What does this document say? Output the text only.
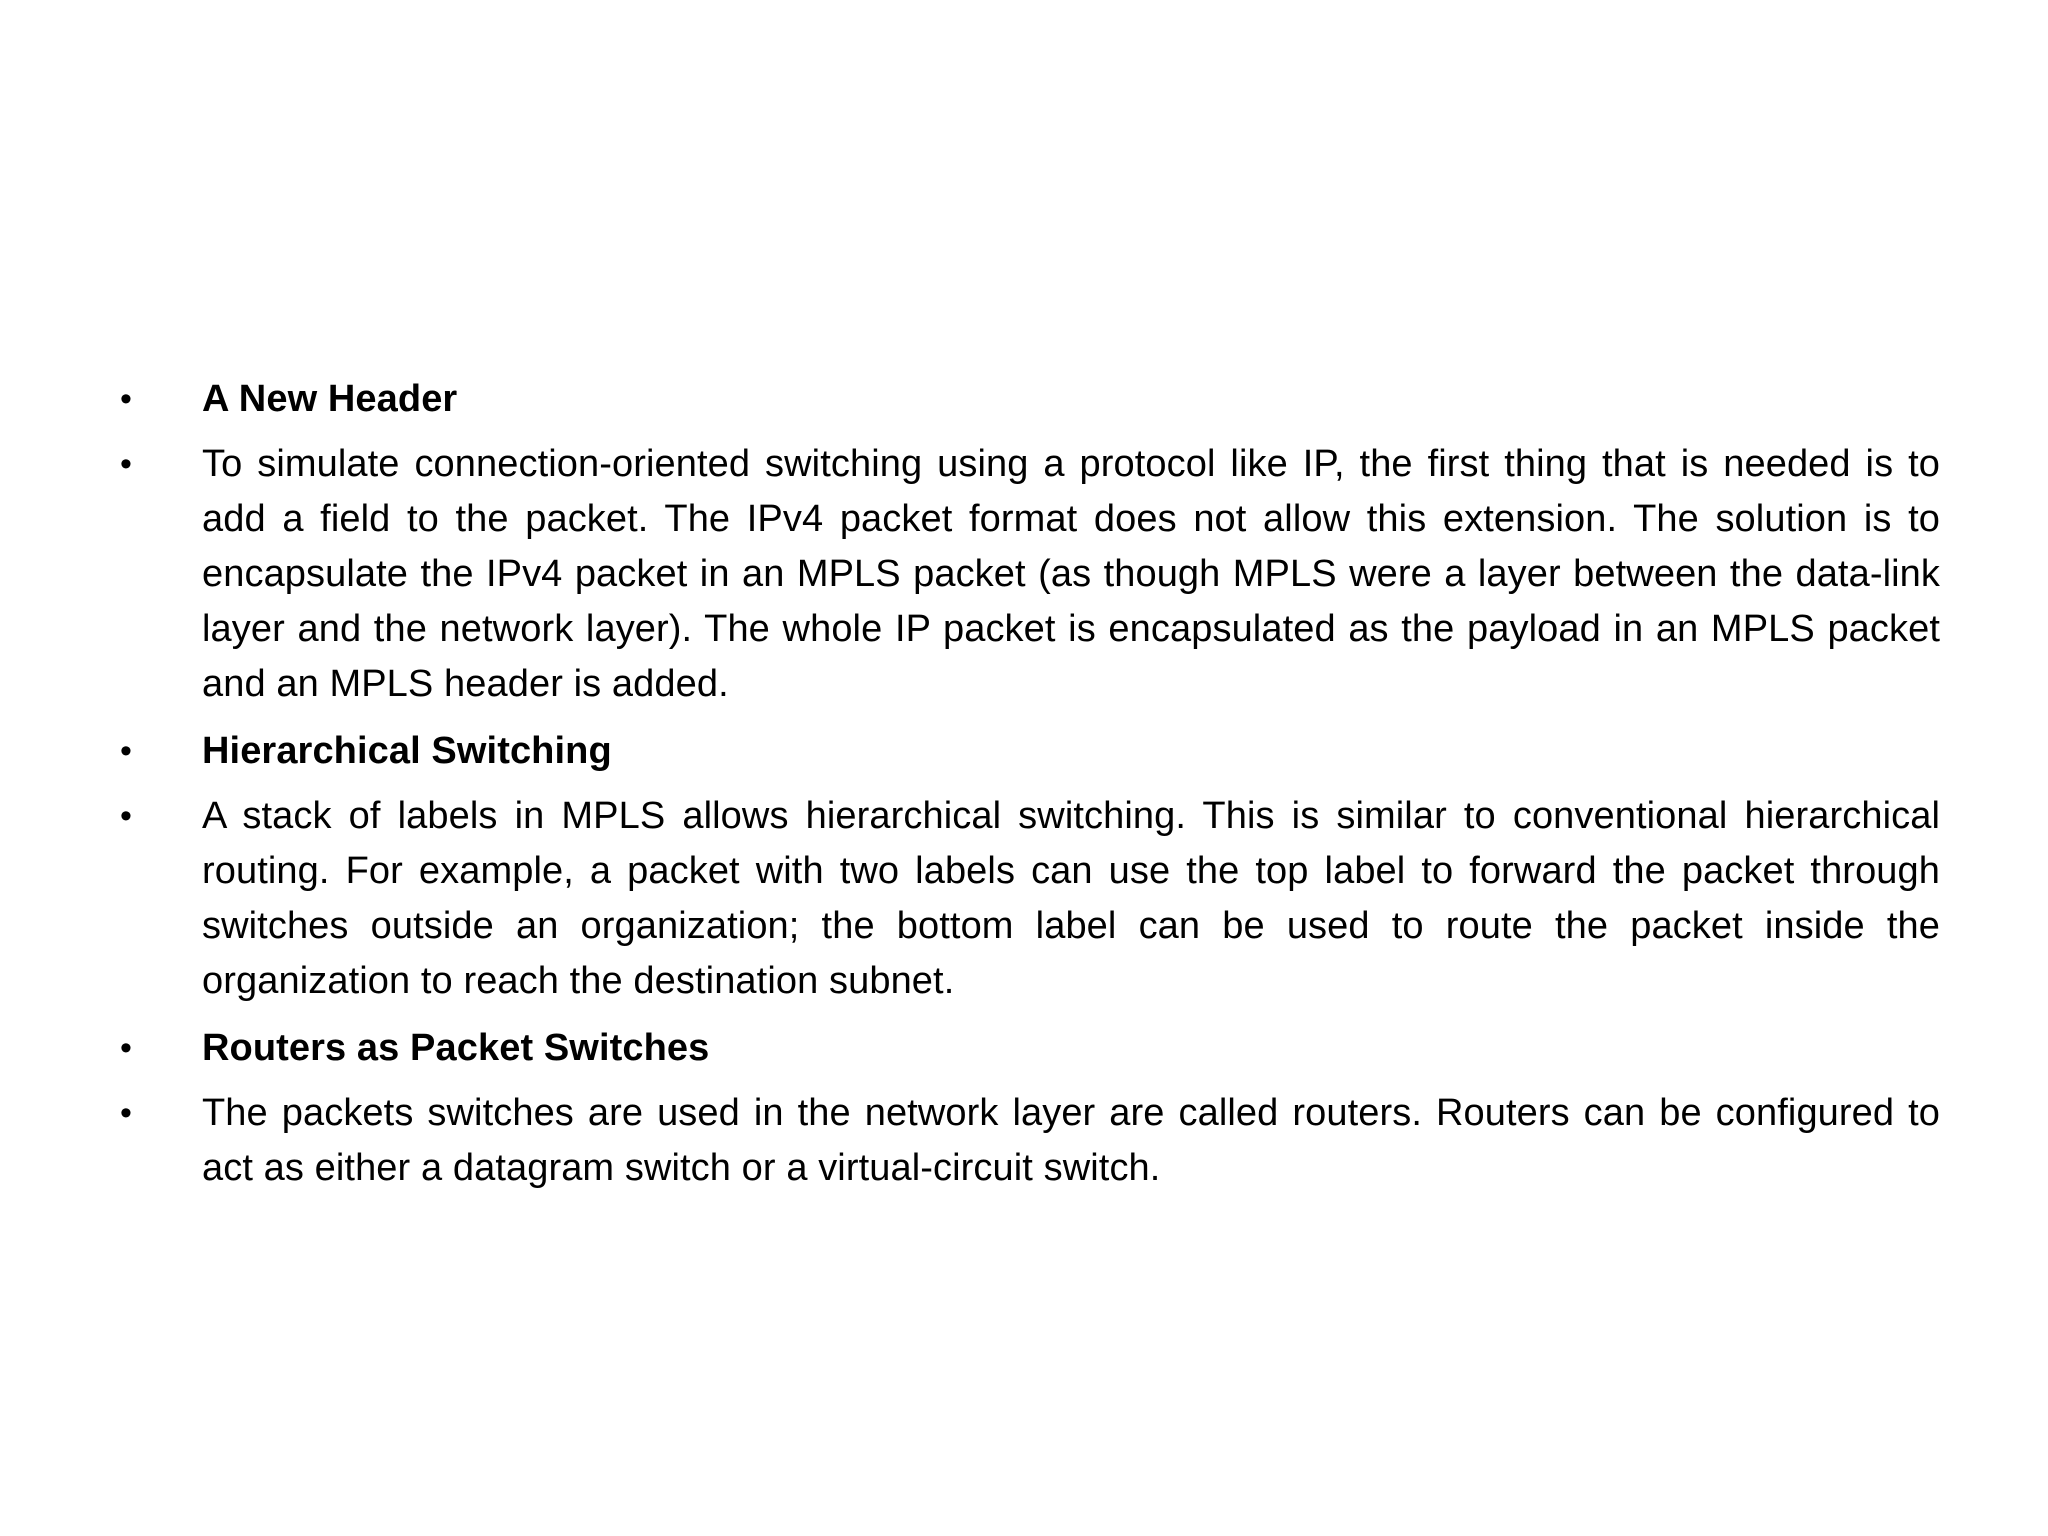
•	A New Header
•	To simulate connection-oriented switching using a protocol like IP, the first thing that is needed is to add a field to the packet. The IPv4 packet format does not allow this extension. The solution is to encapsulate the IPv4 packet in an MPLS packet (as though MPLS were a layer between the data-link layer and the network layer). The whole IP packet is encapsulated as the payload in an MPLS packet and an MPLS header is added.
•	Hierarchical Switching
•	A stack of labels in MPLS allows hierarchical switching. This is similar to conventional hierarchical routing. For example, a packet with two labels can use the top label to forward the packet through switches outside an organization; the bottom label can be used to route the packet inside the organization to reach the destination subnet.
•	Routers as Packet Switches
•	The packets switches are used in the network layer are called routers. Routers can be configured to act as either a datagram switch or a virtual-circuit switch.
